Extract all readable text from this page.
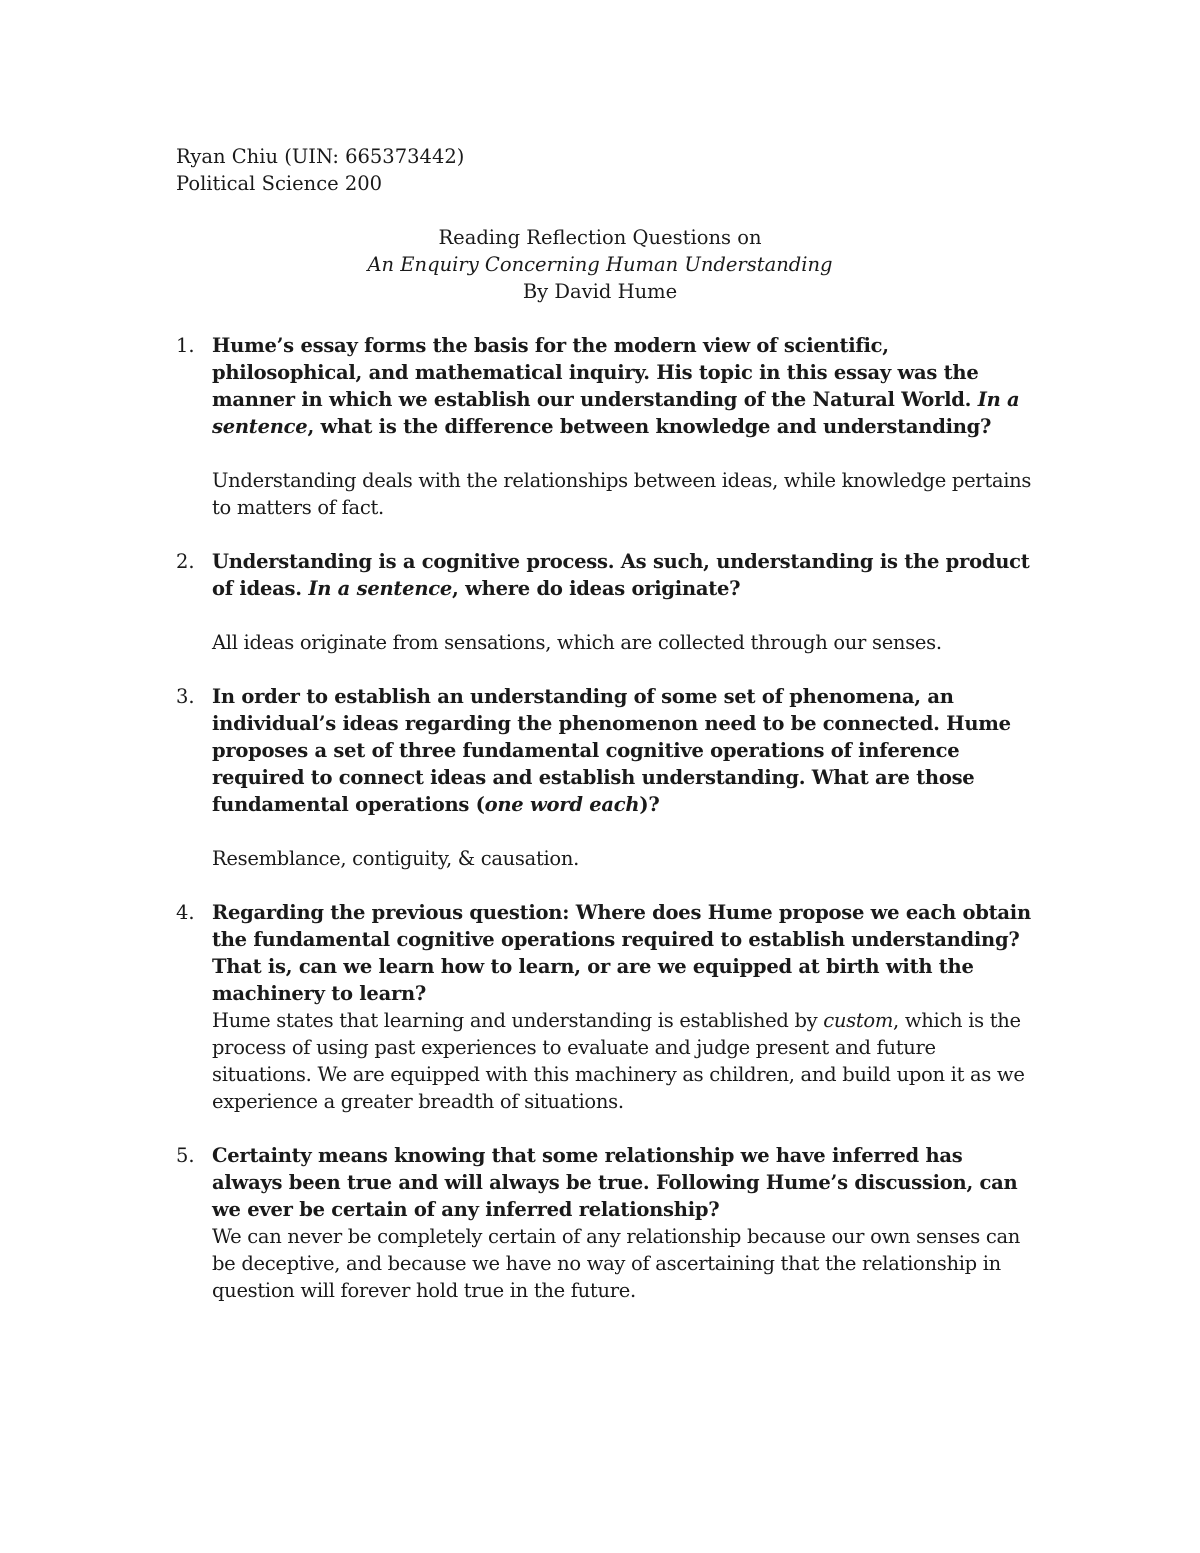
Ryan Chiu (UIN: 665373442)
Political Science 200
Reading Reflection Questions on
An Enquiry Concerning Human Understanding
By David Hume
1. Hume’s essay forms the basis for the modern view of scientific, philosophical, and mathematical inquiry. His topic in this essay was the manner in which we establish our understanding of the Natural World. In a sentence, what is the difference between knowledge and understanding?
Understanding deals with the relationships between ideas, while knowledge pertains to matters of fact.
2. Understanding is a cognitive process. As such, understanding is the product of ideas. In a sentence, where do ideas originate?
All ideas originate from sensations, which are collected through our senses.
3. In order to establish an understanding of some set of phenomena, an individual’s ideas regarding the phenomenon need to be connected. Hume proposes a set of three fundamental cognitive operations of inference required to connect ideas and establish understanding. What are those fundamental operations (one word each)?
Resemblance, contiguity, & causation.
4. Regarding the previous question: Where does Hume propose we each obtain the fundamental cognitive operations required to establish understanding? That is, can we learn how to learn, or are we equipped at birth with the machinery to learn?
Hume states that learning and understanding is established by custom, which is the process of using past experiences to evaluate and judge present and future situations. We are equipped with this machinery as children, and build upon it as we experience a greater breadth of situations.
5. Certainty means knowing that some relationship we have inferred has always been true and will always be true. Following Hume’s discussion, can we ever be certain of any inferred relationship?
We can never be completely certain of any relationship because our own senses can be deceptive, and because we have no way of ascertaining that the relationship in question will forever hold true in the future.
